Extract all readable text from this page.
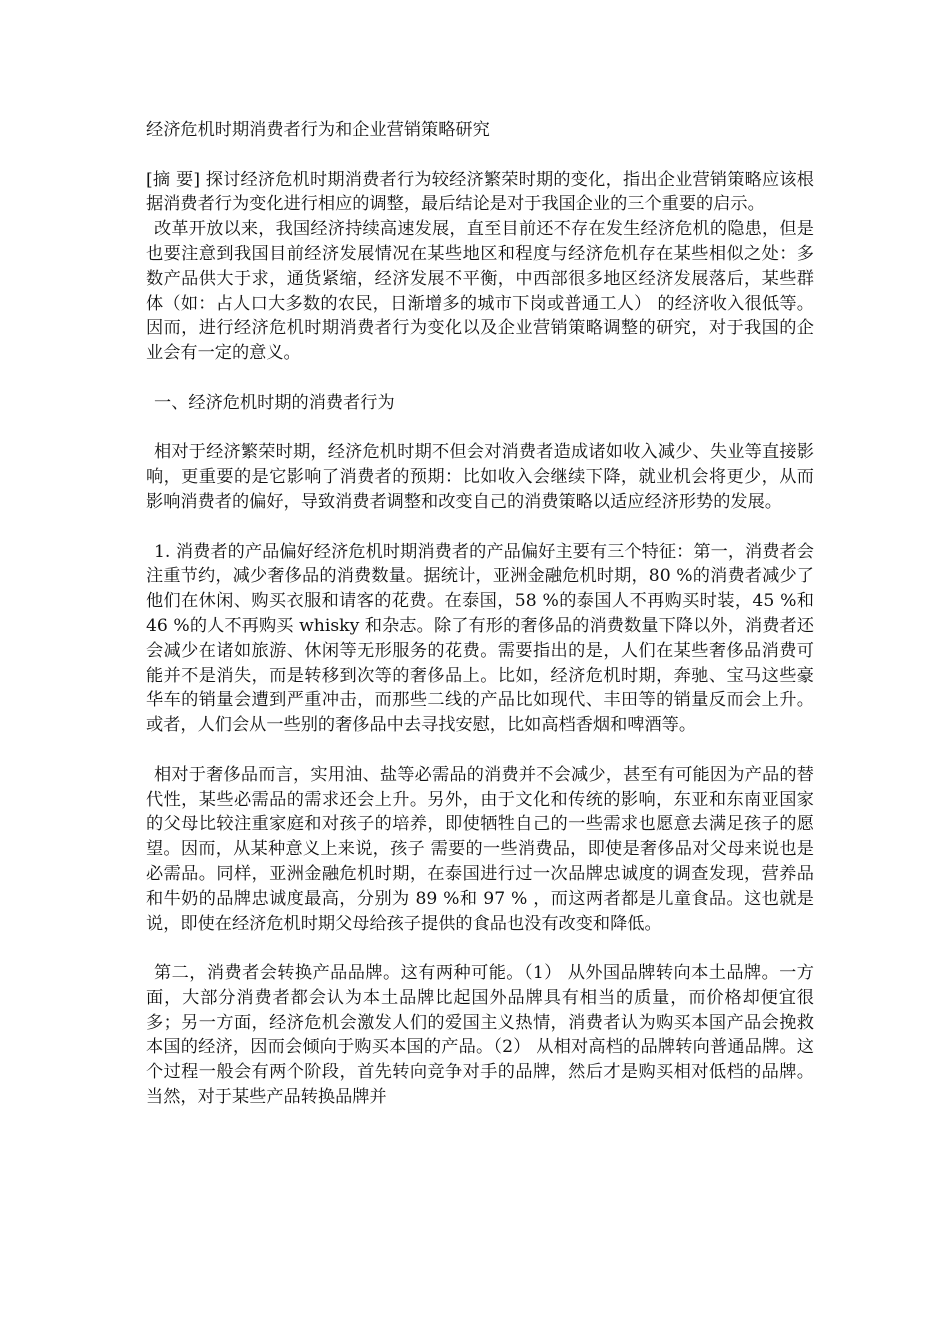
经济危机时期消费者行为和企业营销策略研究

[摘 要] 探讨经济危机时期消费者行为较经济繁荣时期的变化，指出企业营销策略应该根据消费者行为变化进行相应的调整，最后结论是对于我国企业的三个重要的启示。

改革开放以来，我国经济持续高速发展，直至目前还不存在发生经济危机的隐患，但是也要注意到我国目前经济发展情况在某些地区和程度与经济危机存在某些相似之处：多数产品供大于求，通货紧缩，经济发展不平衡，中西部很多地区经济发展落后，某些群体（如：占人口大多数的农民，日渐增多的城市下岗或普通工人） 的经济收入很低等。因而，进行经济危机时期消费者行为变化以及企业营销策略调整的研究，对于我国的企业会有一定的意义。

一、经济危机时期的消费者行为

相对于经济繁荣时期，经济危机时期不但会对消费者造成诸如收入减少、失业等直接影响，更重要的是它影响了消费者的预期：比如收入会继续下降，就业机会将更少，从而影响消费者的偏好，导致消费者调整和改变自己的消费策略以适应经济形势的发展。

1. 消费者的产品偏好经济危机时期消费者的产品偏好主要有三个特征：第一，消费者会注重节约，减少奢侈品的消费数量。据统计，亚洲金融危机时期，80 %的消费者减少了他们在休闲、购买衣服和请客的花费。在泰国，58 %的泰国人不再购买时装，45 %和 46 %的人不再购买 whisky 和杂志。除了有形的奢侈品的消费数量下降以外，消费者还会减少在诸如旅游、休闲等无形服务的花费。需要指出的是，人们在某些奢侈品消费可能并不是消失，而是转移到次等的奢侈品上。比如，经济危机时期，奔驰、宝马这些豪华车的销量会遭到严重冲击，而那些二线的产品比如现代、丰田等的销量反而会上升。或者，人们会从一些别的奢侈品中去寻找安慰，比如高档香烟和啤酒等。

相对于奢侈品而言，实用油、盐等必需品的消费并不会减少，甚至有可能因为产品的替代性，某些必需品的需求还会上升。另外，由于文化和传统的影响，东亚和东南亚国家的父母比较注重家庭和对孩子的培养，即使牺牲自己的一些需求也愿意去满足孩子的愿望。因而，从某种意义上来说，孩子 需要的一些消费品，即使是奢侈品对父母来说也是必需品。同样，亚洲金融危机时期，在泰国进行过一次品牌忠诚度的调查发现，营养品和牛奶的品牌忠诚度最高，分别为 89 %和 97 % ，而这两者都是儿童食品。这也就是说，即使在经济危机时期父母给孩子提供的食品也没有改变和降低。

第二，消费者会转换产品品牌。这有两种可能。（1） 从外国品牌转向本土品牌。一方面，大部分消费者都会认为本土品牌比起国外品牌具有相当的质量，而价格却便宜很多；另一方面，经济危机会激发人们的爱国主义热情，消费者认为购买本国产品会挽救本国的经济，因而会倾向于购买本国的产品。（2） 从相对高档的品牌转向普通品牌。这个过程一般会有两个阶段，首先转向竞争对手的品牌，然后才是购买相对低档的品牌。当然，对于某些产品转换品牌并
